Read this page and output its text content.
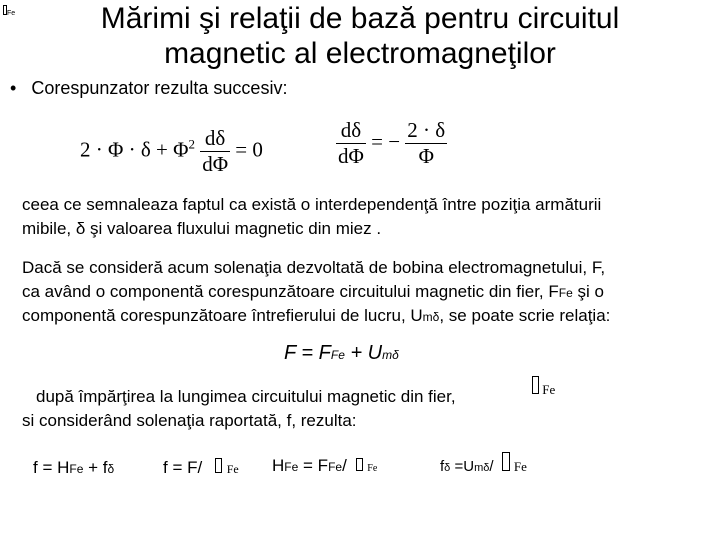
Fe	Mărimi şi relaţii de bază pentru circuitul
magnetic al electromagneţilor
• Corespunzator rezulta succesiv:
$2 \cdot \Phi \cdot \delta + \Phi^2 \frac{d\delta}{d\Phi} = 0$	$\frac{d\delta}{d\Phi}$ = − $\frac{2 \cdot \delta}{\Phi}$
ceea ce semnaleaza faptul ca există o interdependenţă între poziţia armăturii
mibile, δ şi valoarea fluxului magnetic din miez .
Dacă se consideră acum solenaţia dezvoltată de bobina electromagnetului, F,
ca având o componentă corespunzătoare circuitului magnetic din fier, FFe şi o
componentă corespunzătoare întrefierului de lucru, Umδ, se poate scrie relaţia:
F = FFe + Umδ
după împărţirea la lungimea circuitului magnetic din fier,	Fe
si considerând solenaţia raportată, f, rezulta:
f = HFe + fδ	f = F/ Fe HFe = FFe/ Fe	fδ =Umδ/ Fe
